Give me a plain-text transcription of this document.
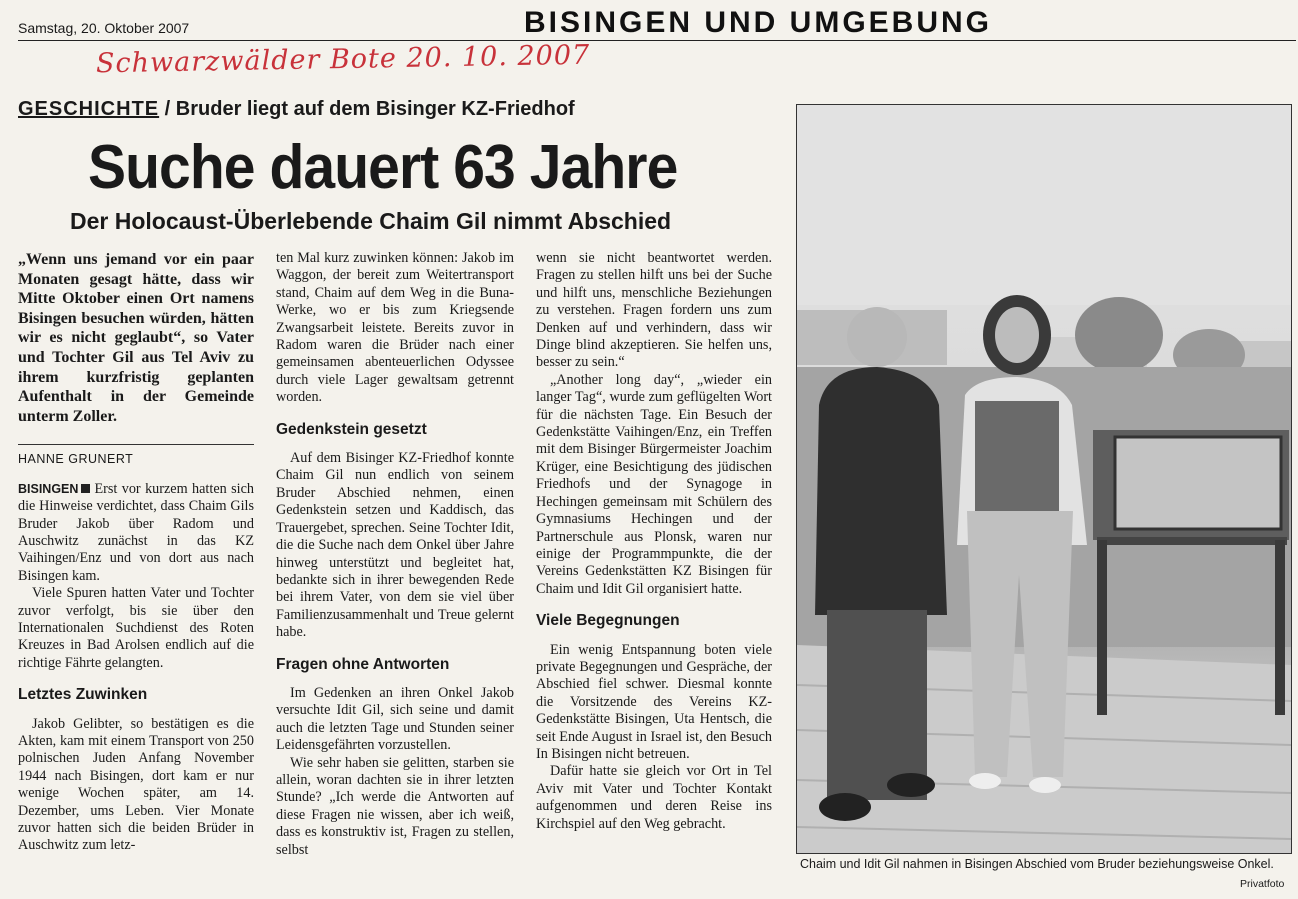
Samstag, 20. Oktober 2007	BISINGEN UND UMGEBUNG
Schwarzwälder Bote 20. 10. 2007
GESCHICHTE / Bruder liegt auf dem Bisinger KZ-Friedhof
Suche dauert 63 Jahre
Der Holocaust-Überlebende Chaim Gil nimmt Abschied

„Wenn uns jemand vor ein paar Monaten gesagt hätte, dass wir Mitte Oktober einen Ort namens Bisingen besuchen würden, hätten wir es nicht geglaubt“, so Vater und Tochter Gil aus Tel Aviv zu ihrem kurzfristig geplanten Aufenthalt in der Gemeinde unterm Zoller.

HANNE GRUNERT

BISINGEN Erst vor kurzem hatten sich die Hinweise verdichtet, dass Chaim Gils Bruder Jakob über Radom und Auschwitz zunächst in das KZ Vaihingen/Enz und von dort aus nach Bisingen kam.

Viele Spuren hatten Vater und Tochter zuvor verfolgt, bis sie über den Internationalen Suchdienst des Roten Kreuzes in Bad Arolsen endlich auf die richtige Fährte gelangten.

Letztes Zuwinken

Jakob Gelibter, so bestätigen es die Akten, kam mit einem Transport von 250 polnischen Juden Anfang November 1944 nach Bisingen, dort kam er nur wenige Wochen später, am 14. Dezember, ums Leben. Vier Monate zuvor hatten sich die beiden Brüder in Auschwitz zum letz-

ten Mal kurz zuwinken können: Jakob im Waggon, der bereit zum Weitertransport stand, Chaim auf dem Weg in die Buna-Werke, wo er bis zum Kriegsende Zwangsarbeit leistete. Bereits zuvor in Radom waren die Brüder nach einer gemeinsamen abenteuerlichen Odyssee durch viele Lager gewaltsam getrennt worden.

Gedenkstein gesetzt

Auf dem Bisinger KZ-Friedhof konnte Chaim Gil nun endlich von seinem Bruder Abschied nehmen, einen Gedenkstein setzen und Kaddisch, das Trauergebet, sprechen. Seine Tochter Idit, die die Suche nach dem Onkel über Jahre hinweg unterstützt und begleitet hat, bedankte sich in ihrer bewegenden Rede bei ihrem Vater, von dem sie viel über Familienzusammenhalt und Treue gelernt habe.

Fragen ohne Antworten

Im Gedenken an ihren Onkel Jakob versuchte Idit Gil, sich seine und damit auch die letzten Tage und Stunden seiner Leidensgefährten vorzustellen.

Wie sehr haben sie gelitten, starben sie allein, woran dachten sie in ihrer letzten Stunde? „Ich werde die Antworten auf diese Fragen nie wissen, aber ich weiß, dass es konstruktiv ist, Fragen zu stellen, selbst

wenn sie nicht beantwortet werden. Fragen zu stellen hilft uns bei der Suche und hilft uns, menschliche Beziehungen zu verstehen. Fragen fordern uns zum Denken auf und verhindern, dass wir Dinge blind akzeptieren. Sie helfen uns, besser zu sein.“

„Another long day“, „wieder ein langer Tag“, wurde zum geflügelten Wort für die nächsten Tage. Ein Besuch der Gedenkstätte Vaihingen/Enz, ein Treffen mit dem Bisinger Bürgermeister Joachim Krüger, eine Besichtigung des jüdischen Friedhofs und der Synagoge in Hechingen gemeinsam mit Schülern des Gymnasiums Hechingen und der Partnerschule aus Plonsk, waren nur einige der Programmpunkte, die der Vereins Gedenkstätten KZ Bisingen für Chaim und Idit Gil organisiert hatte.

Viele Begegnungen

Ein wenig Entspannung boten viele private Begegnungen und Gespräche, der Abschied fiel schwer. Diesmal konnte die Vorsitzende des Vereins KZ-Gedenkstätte Bisingen, Uta Hentsch, die seit Ende August in Israel ist, den Besuch In Bisingen nicht betreuen.

Dafür hatte sie gleich vor Ort in Tel Aviv mit Vater und Tochter Kontakt aufgenommen und deren Reise ins Kirchspiel auf den Weg gebracht.

Chaim und Idit Gil nahmen in Bisingen Abschied vom Bruder beziehungsweise Onkel.
Privatfoto
